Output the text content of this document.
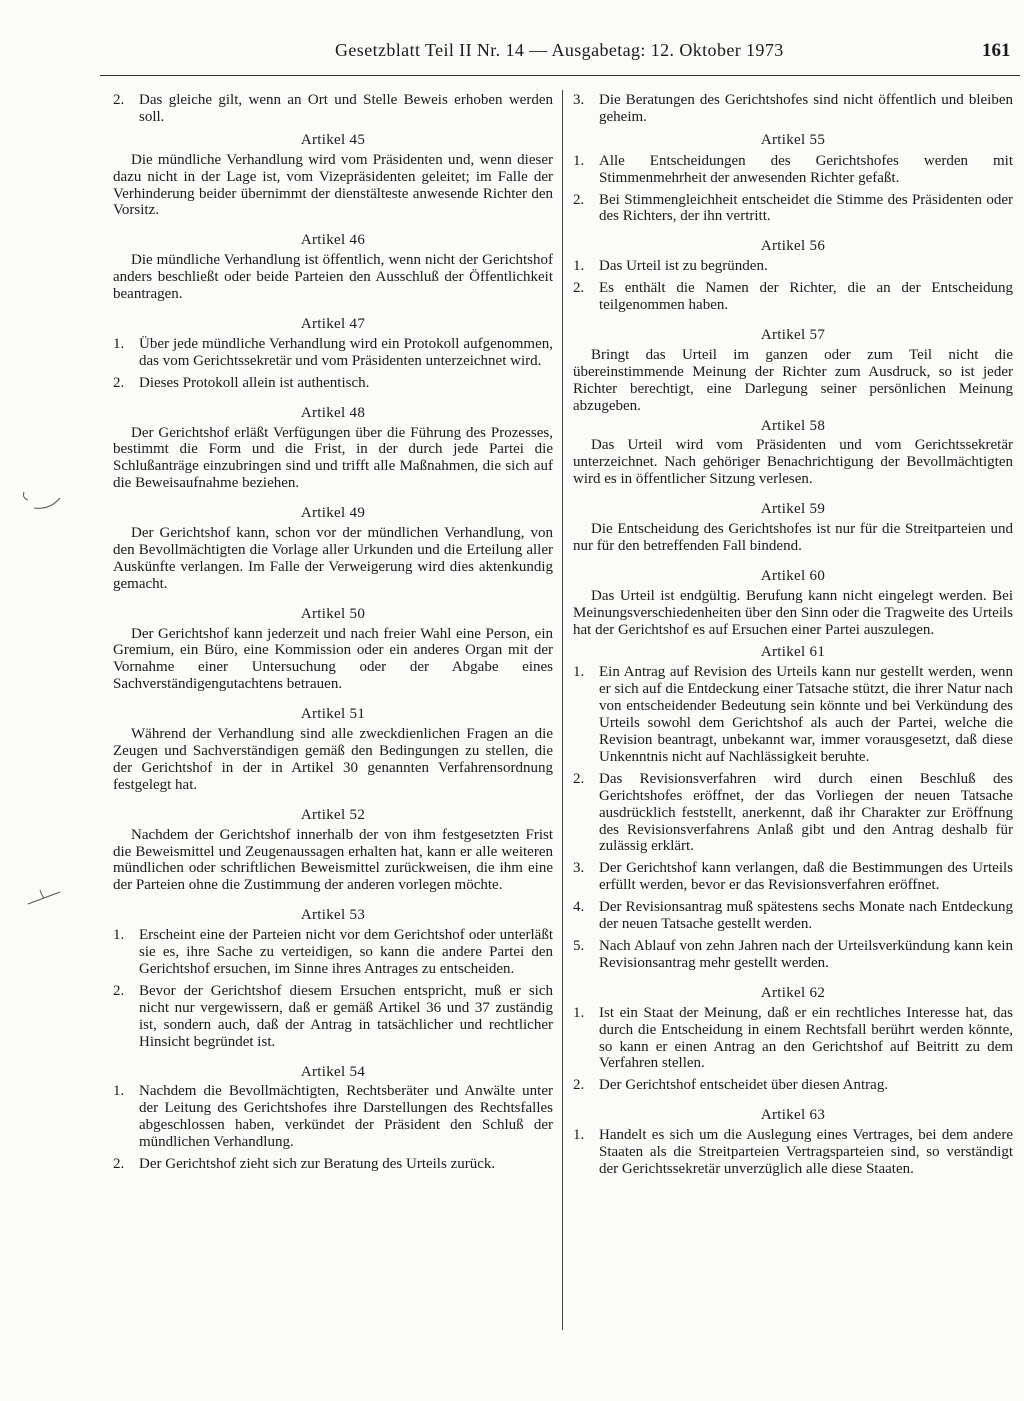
Gesetzblatt Teil II Nr. 14 — Ausgabetag: 12. Oktober 1973	161
2. Das gleiche gilt, wenn an Ort und Stelle Beweis erhoben werden soll.
Artikel 45

Die mündliche Verhandlung wird vom Präsidenten und, wenn dieser dazu nicht in der Lage ist, vom Vizepräsidenten geleitet; im Falle der Verhinderung beider übernimmt der dienstälteste anwesende Richter den Vorsitz.

Artikel 46

Die mündliche Verhandlung ist öffentlich, wenn nicht der Gerichtshof anders beschließt oder beide Parteien den Ausschluß der Öffentlichkeit beantragen.

Artikel 47
1. Über jede mündliche Verhandlung wird ein Protokoll aufgenommen, das vom Gerichtssekretär und vom Präsidenten unterzeichnet wird.
2. Dieses Protokoll allein ist authentisch.
Artikel 48

Der Gerichtshof erläßt Verfügungen über die Führung des Prozesses, bestimmt die Form und die Frist, in der durch jede Partei die Schlußanträge einzubringen sind und trifft alle Maßnahmen, die sich auf die Beweisaufnahme beziehen.

Artikel 49

Der Gerichtshof kann, schon vor der mündlichen Verhandlung, von den Bevollmächtigten die Vorlage aller Urkunden und die Erteilung aller Auskünfte verlangen. Im Falle der Verweigerung wird dies aktenkundig gemacht.

Artikel 50

Der Gerichtshof kann jederzeit und nach freier Wahl eine Person, ein Gremium, ein Büro, eine Kommission oder ein anderes Organ mit der Vornahme einer Untersuchung oder der Abgabe eines Sachverständigengutachtens betrauen.

Artikel 51

Während der Verhandlung sind alle zweckdienlichen Fragen an die Zeugen und Sachverständigen gemäß den Bedingungen zu stellen, die der Gerichtshof in der in Artikel 30 genannten Verfahrensordnung festgelegt hat.

Artikel 52

Nachdem der Gerichtshof innerhalb der von ihm festgesetzten Frist die Beweismittel und Zeugenaussagen erhalten hat, kann er alle weiteren mündlichen oder schriftlichen Beweismittel zurückweisen, die ihm eine der Parteien ohne die Zustimmung der anderen vorlegen möchte.

Artikel 53
1. Erscheint eine der Parteien nicht vor dem Gerichtshof oder unterläßt sie es, ihre Sache zu verteidigen, so kann die andere Partei den Gerichtshof ersuchen, im Sinne ihres Antrages zu entscheiden.
2. Bevor der Gerichtshof diesem Ersuchen entspricht, muß er sich nicht nur vergewissern, daß er gemäß Artikel 36 und 37 zuständig ist, sondern auch, daß der Antrag in tatsächlicher und rechtlicher Hinsicht begründet ist.
Artikel 54
1. Nachdem die Bevollmächtigten, Rechtsberäter und Anwälte unter der Leitung des Gerichtshofes ihre Darstellungen des Rechtsfalles abgeschlossen haben, verkündet der Präsident den Schluß der mündlichen Verhandlung.
2. Der Gerichtshof zieht sich zur Beratung des Urteils zurück.
3. Die Beratungen des Gerichtshofes sind nicht öffentlich und bleiben geheim.
Artikel 55
1. Alle Entscheidungen des Gerichtshofes werden mit Stimmenmehrheit der anwesenden Richter gefaßt.
2. Bei Stimmengleichheit entscheidet die Stimme des Präsidenten oder des Richters, der ihn vertritt.
Artikel 56
1. Das Urteil ist zu begründen.
2. Es enthält die Namen der Richter, die an der Entscheidung teilgenommen haben.
Artikel 57

Bringt das Urteil im ganzen oder zum Teil nicht die übereinstimmende Meinung der Richter zum Ausdruck, so ist jeder Richter berechtigt, eine Darlegung seiner persönlichen Meinung abzugeben.

Artikel 58

Das Urteil wird vom Präsidenten und vom Gerichtssekretär unterzeichnet. Nach gehöriger Benachrichtigung der Bevollmächtigten wird es in öffentlicher Sitzung verlesen.

Artikel 59

Die Entscheidung des Gerichtshofes ist nur für die Streitparteien und nur für den betreffenden Fall bindend.

Artikel 60

Das Urteil ist endgültig. Berufung kann nicht eingelegt werden. Bei Meinungsverschiedenheiten über den Sinn oder die Tragweite des Urteils hat der Gerichtshof es auf Ersuchen einer Partei auszulegen.

Artikel 61
1. Ein Antrag auf Revision des Urteils kann nur gestellt werden, wenn er sich auf die Entdeckung einer Tatsache stützt, die ihrer Natur nach von entscheidender Bedeutung sein könnte und bei Verkündung des Urteils sowohl dem Gerichtshof als auch der Partei, welche die Revision beantragt, unbekannt war, immer vorausgesetzt, daß diese Unkenntnis nicht auf Nachlässigkeit beruhte.
2. Das Revisionsverfahren wird durch einen Beschluß des Gerichtshofes eröffnet, der das Vorliegen der neuen Tatsache ausdrücklich feststellt, anerkennt, daß ihr Charakter zur Eröffnung des Revisionsverfahrens Anlaß gibt und den Antrag deshalb für zulässig erklärt.
3. Der Gerichtshof kann verlangen, daß die Bestimmungen des Urteils erfüllt werden, bevor er das Revisionsverfahren eröffnet.
4. Der Revisionsantrag muß spätestens sechs Monate nach Entdeckung der neuen Tatsache gestellt werden.
5. Nach Ablauf von zehn Jahren nach der Urteilsverkündung kann kein Revisionsantrag mehr gestellt werden.
Artikel 62
1. Ist ein Staat der Meinung, daß er ein rechtliches Interesse hat, das durch die Entscheidung in einem Rechtsfall berührt werden könnte, so kann er einen Antrag an den Gerichtshof auf Beitritt zu dem Verfahren stellen.
2. Der Gerichtshof entscheidet über diesen Antrag.
Artikel 63
1. Handelt es sich um die Auslegung eines Vertrages, bei dem andere Staaten als die Streitparteien Vertragsparteien sind, so verständigt der Gerichtssekretär unverzüglich alle diese Staaten.
